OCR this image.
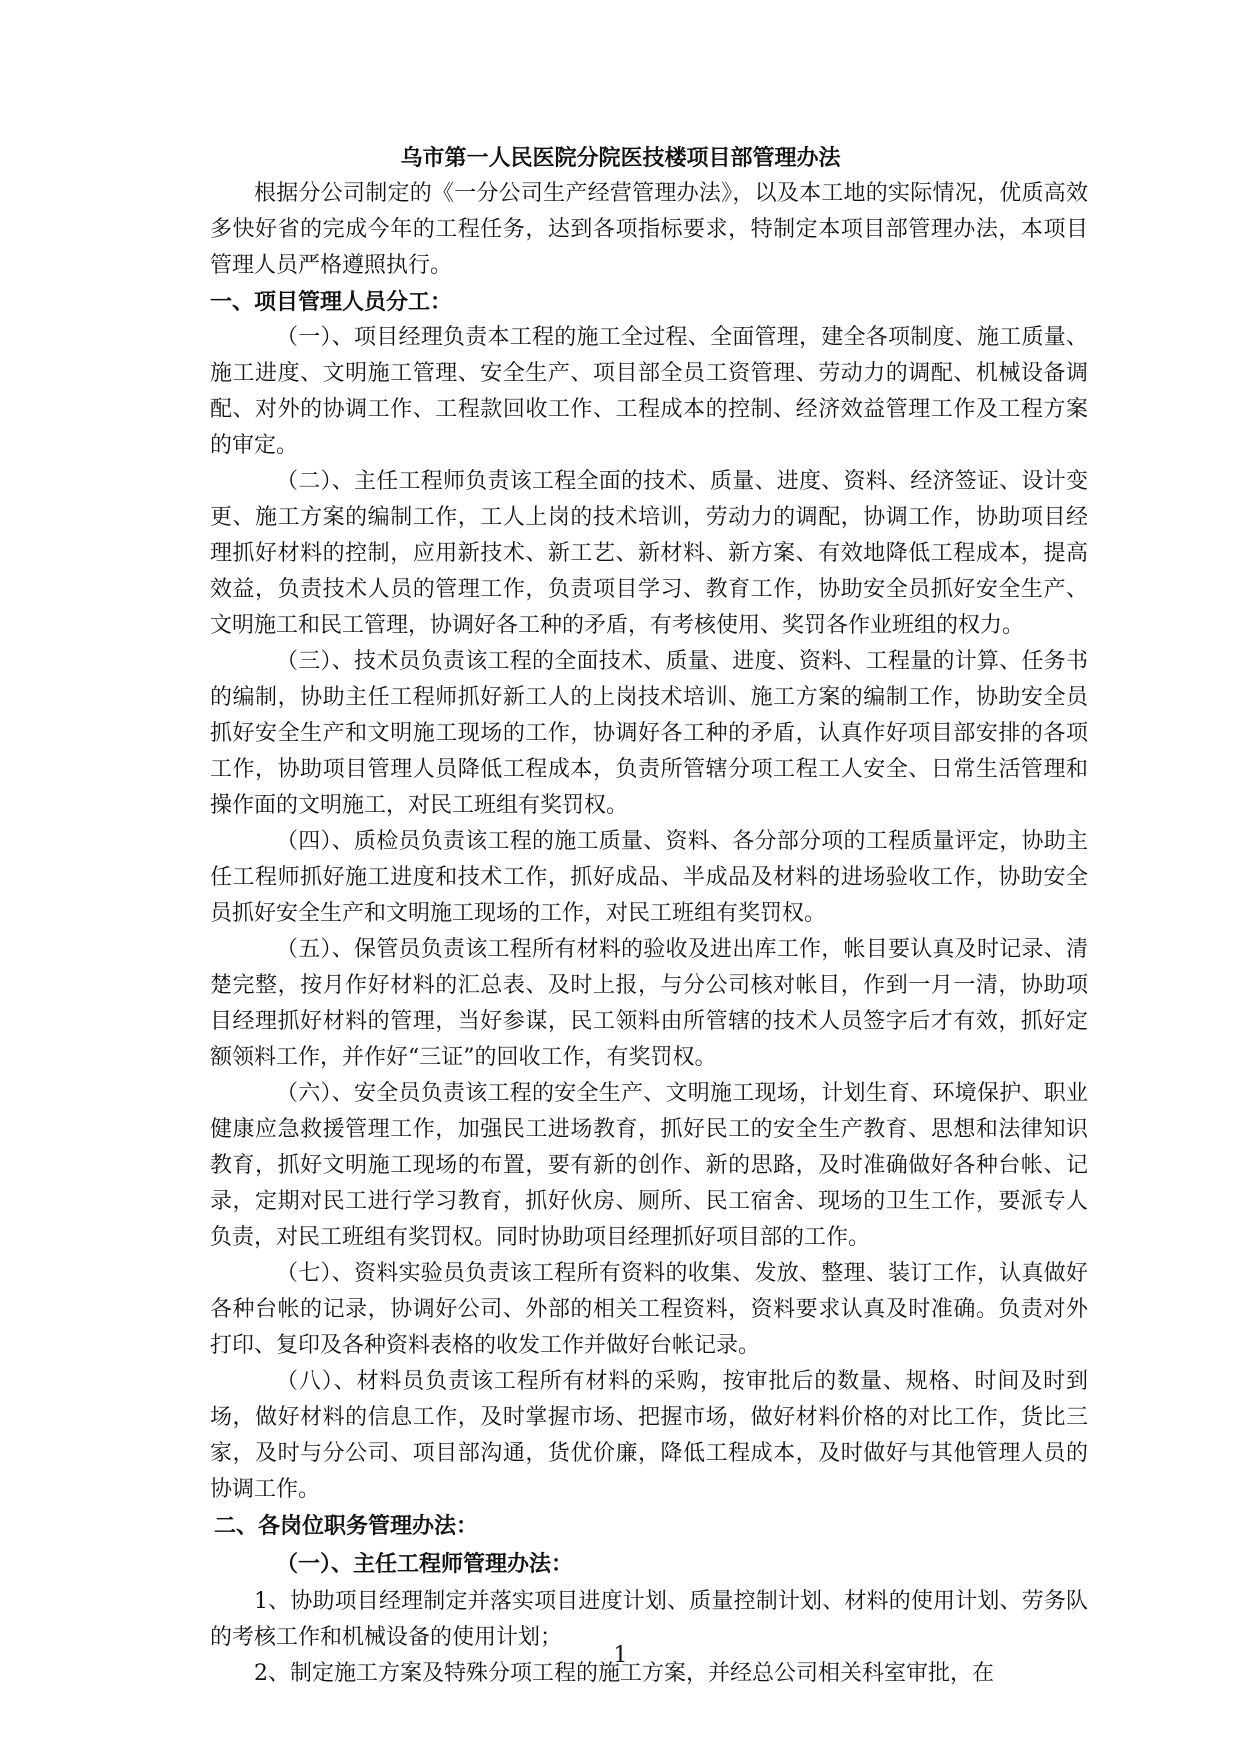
乌市第一人民医院分院医技楼项目部管理办法

根据分公司制定的《一分公司生产经营管理办法》，以及本工地的实际情况，优质高效多快好省的完成今年的工程任务，达到各项指标要求，特制定本项目部管理办法，本项目管理人员严格遵照执行。

一、项目管理人员分工：

（一）、项目经理负责本工程的施工全过程、全面管理，建全各项制度、施工质量、施工进度、文明施工管理、安全生产、项目部全员工资管理、劳动力的调配、机械设备调配、对外的协调工作、工程款回收工作、工程成本的控制、经济效益管理工作及工程方案的审定。

（二）、主任工程师负责该工程全面的技术、质量、进度、资料、经济签证、设计变更、施工方案的编制工作，工人上岗的技术培训，劳动力的调配，协调工作，协助项目经理抓好材料的控制，应用新技术、新工艺、新材料、新方案、有效地降低工程成本，提高效益，负责技术人员的管理工作，负责项目学习、教育工作，协助安全员抓好安全生产、文明施工和民工管理，协调好各工种的矛盾，有考核使用、奖罚各作业班组的权力。

（三）、技术员负责该工程的全面技术、质量、进度、资料、工程量的计算、任务书的编制，协助主任工程师抓好新工人的上岗技术培训、施工方案的编制工作，协助安全员抓好安全生产和文明施工现场的工作，协调好各工种的矛盾，认真作好项目部安排的各项工作，协助项目管理人员降低工程成本，负责所管辖分项工程工人安全、日常生活管理和操作面的文明施工，对民工班组有奖罚权。

（四）、质检员负责该工程的施工质量、资料、各分部分项的工程质量评定，协助主任工程师抓好施工进度和技术工作，抓好成品、半成品及材料的进场验收工作，协助安全员抓好安全生产和文明施工现场的工作，对民工班组有奖罚权。

（五）、保管员负责该工程所有材料的验收及进出库工作，帐目要认真及时记录、清楚完整，按月作好材料的汇总表、及时上报，与分公司核对帐目，作到一月一清，协助项目经理抓好材料的管理，当好参谋，民工领料由所管辖的技术人员签字后才有效，抓好定额领料工作，并作好“三证”的回收工作，有奖罚权。

（六）、安全员负责该工程的安全生产、文明施工现场，计划生育、环境保护、职业健康应急救援管理工作，加强民工进场教育，抓好民工的安全生产教育、思想和法律知识教育，抓好文明施工现场的布置，要有新的创作、新的思路，及时准确做好各种台帐、记录，定期对民工进行学习教育，抓好伙房、厕所、民工宿舍、现场的卫生工作，要派专人负责，对民工班组有奖罚权。同时协助项目经理抓好项目部的工作。

（七）、资料实验员负责该工程所有资料的收集、发放、整理、装订工作，认真做好各种台帐的记录，协调好公司、外部的相关工程资料，资料要求认真及时准确。负责对外打印、复印及各种资料表格的收发工作并做好台帐记录。

（八）、材料员负责该工程所有材料的采购，按审批后的数量、规格、时间及时到场，做好材料的信息工作，及时掌握市场、把握市场，做好材料价格的对比工作，货比三家，及时与分公司、项目部沟通，货优价廉，降低工程成本，及时做好与其他管理人员的协调工作。

二、各岗位职务管理办法：

（一）、主任工程师管理办法：

1、协助项目经理制定并落实项目进度计划、质量控制计划、材料的使用计划、劳务队的考核工作和机械设备的使用计划；

2、制定施工方案及特殊分项工程的施工方案，并经总公司相关科室审批，在

1
